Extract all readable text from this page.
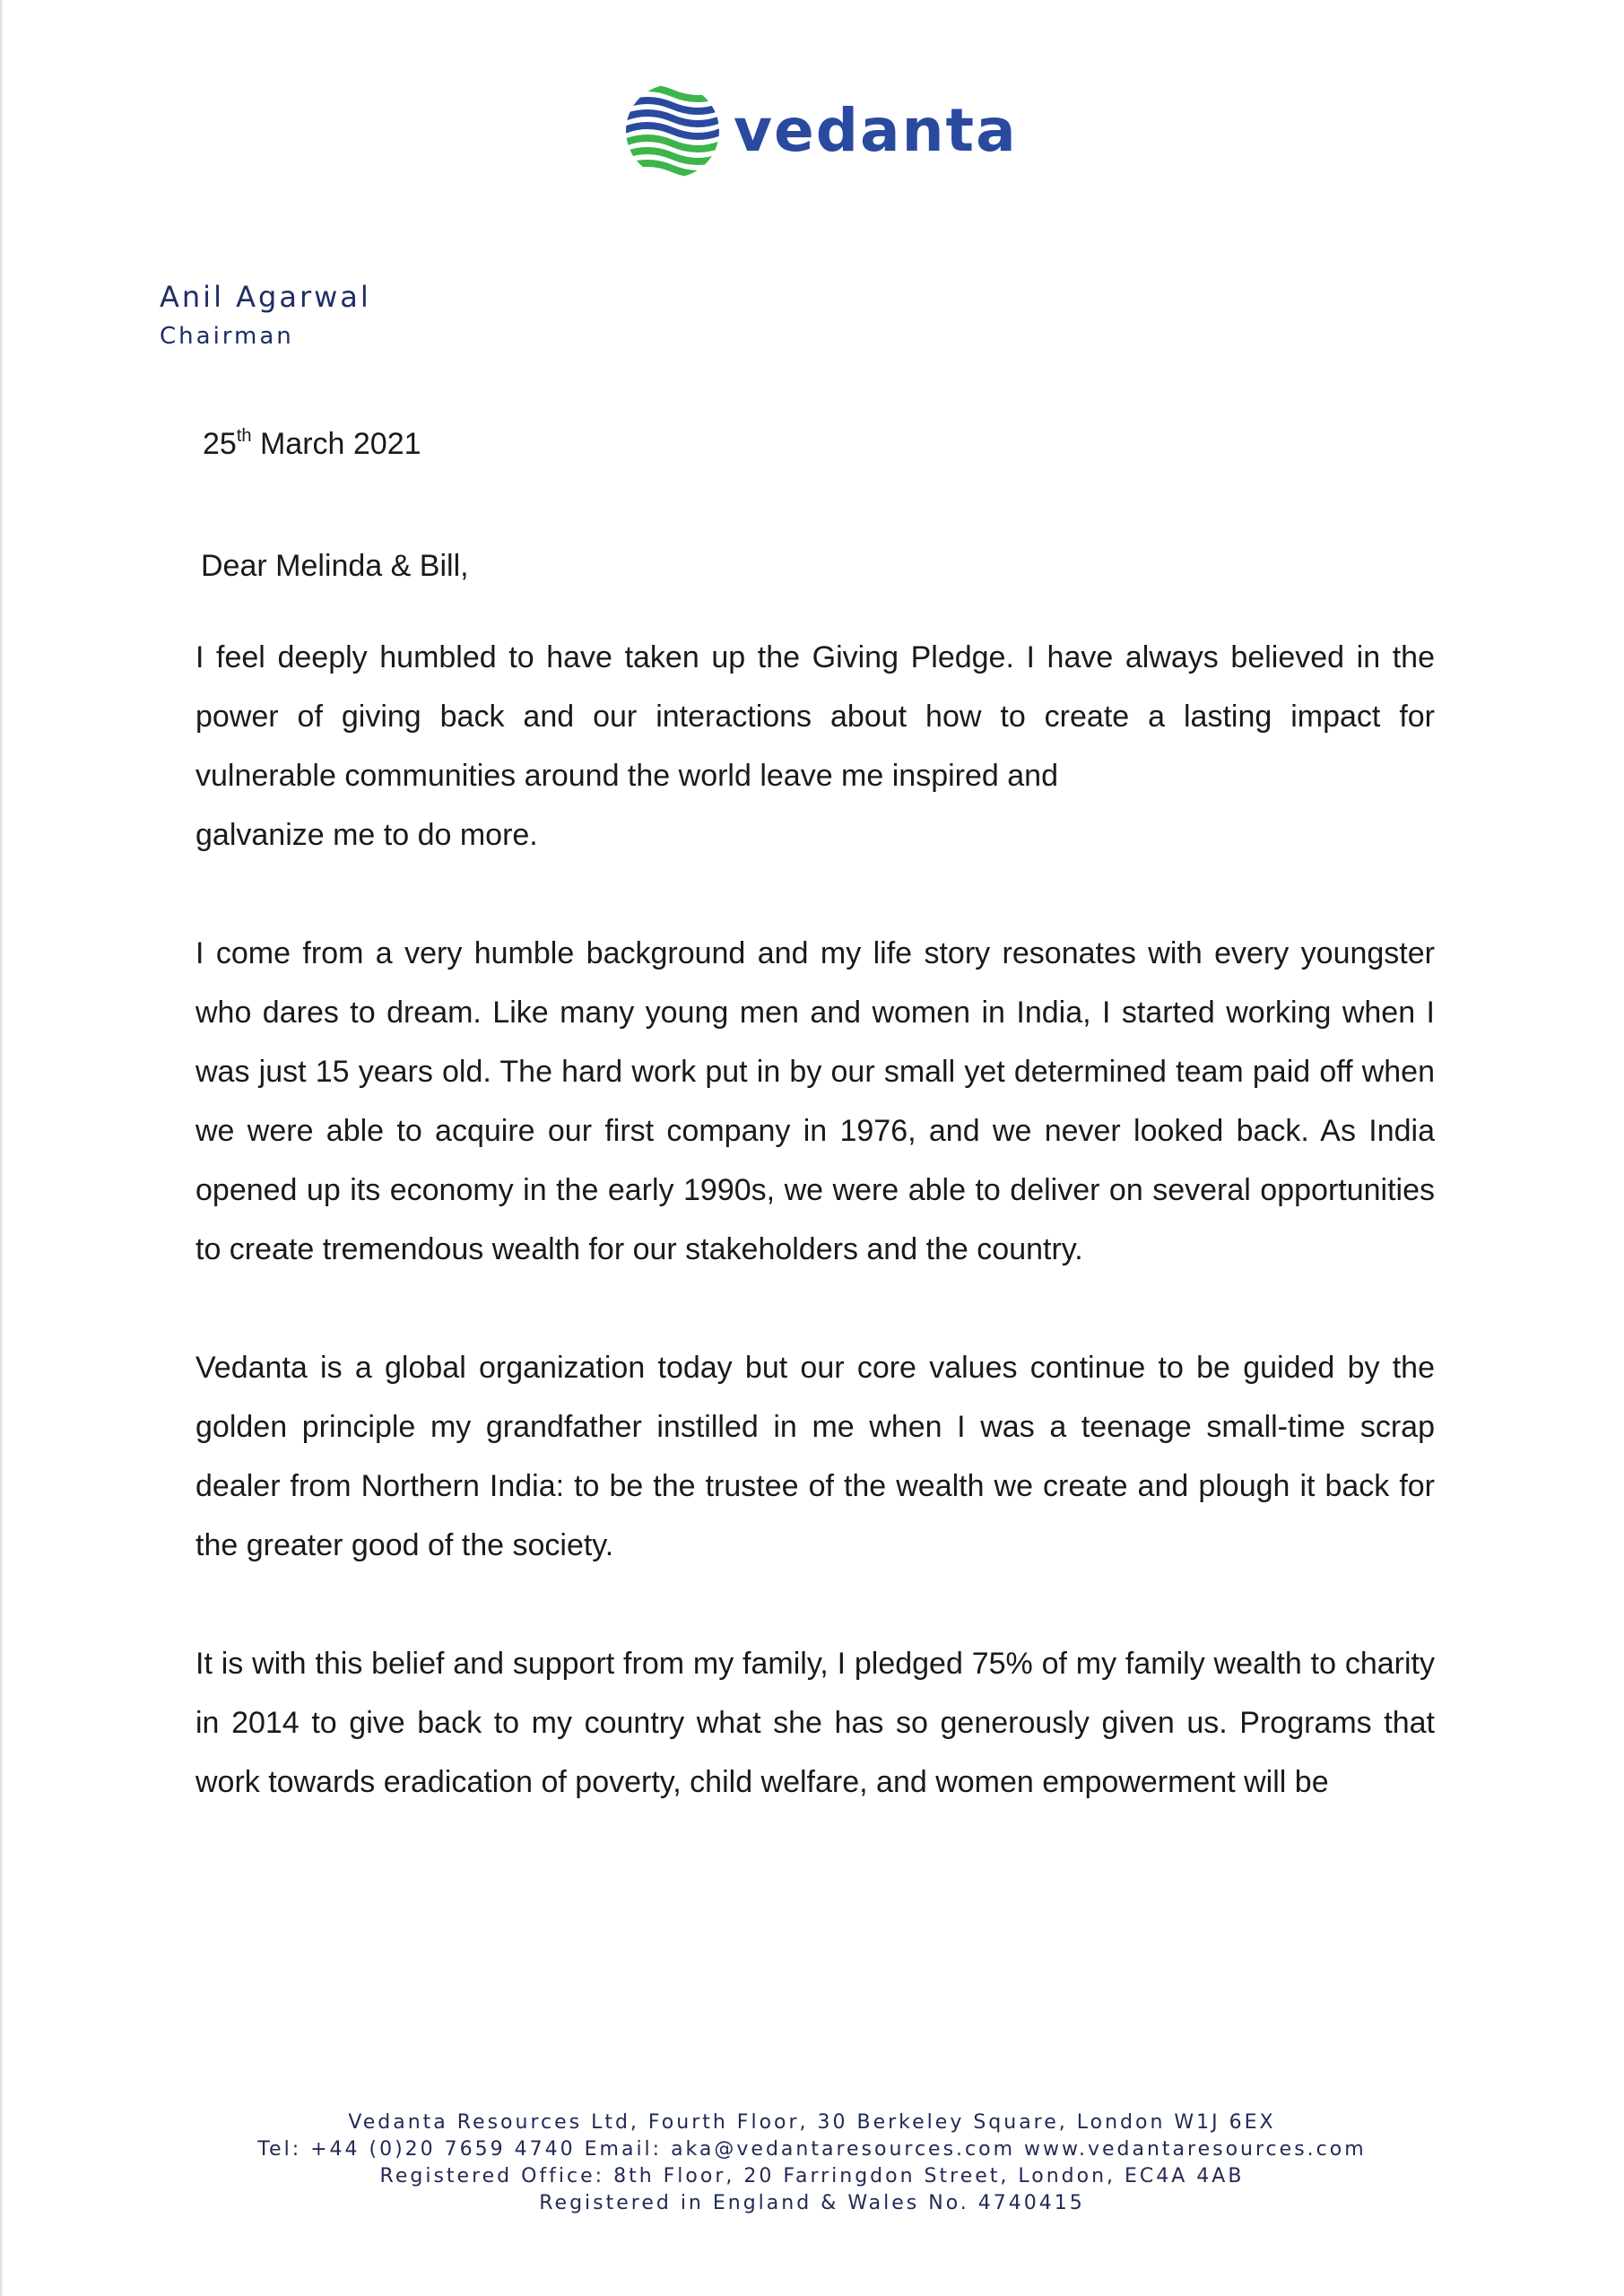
vedanta
Anil Agarwal
Chairman
25th March 2021
Dear Melinda & Bill,

I feel deeply humbled to have taken up the Giving Pledge. I have always believed in the power of giving back and our interactions about how to create a lasting impact for vulnerable communities around the world leave me inspired and

galvanize me to do more.

I come from a very humble background and my life story resonates with every youngster who dares to dream. Like many young men and women in India, I started working when I was just 15 years old. The hard work put in by our small yet determined team paid off when we were able to acquire our first company in 1976, and we never looked back. As India opened up its economy in the early 1990s, we were able to deliver on several opportunities to create tremendous wealth for our stakeholders and the country.

Vedanta is a global organization today but our core values continue to be guided by the golden principle my grandfather instilled in me when I was a teenage small-time scrap dealer from Northern India: to be the trustee of the wealth we create and plough it back for the greater good of the society.

It is with this belief and support from my family, I pledged 75% of my family wealth to charity in 2014 to give back to my country what she has so generously given us. Programs that work towards eradication of poverty, child welfare, and women empowerment will be

Vedanta Resources Ltd, Fourth Floor, 30 Berkeley Square, London W1J 6EX
Tel: +44 (0)20 7659 4740 Email: aka@vedantaresources.com www.vedantaresources.com
Registered Office: 8th Floor, 20 Farringdon Street, London, EC4A 4AB
Registered in England & Wales No. 4740415
